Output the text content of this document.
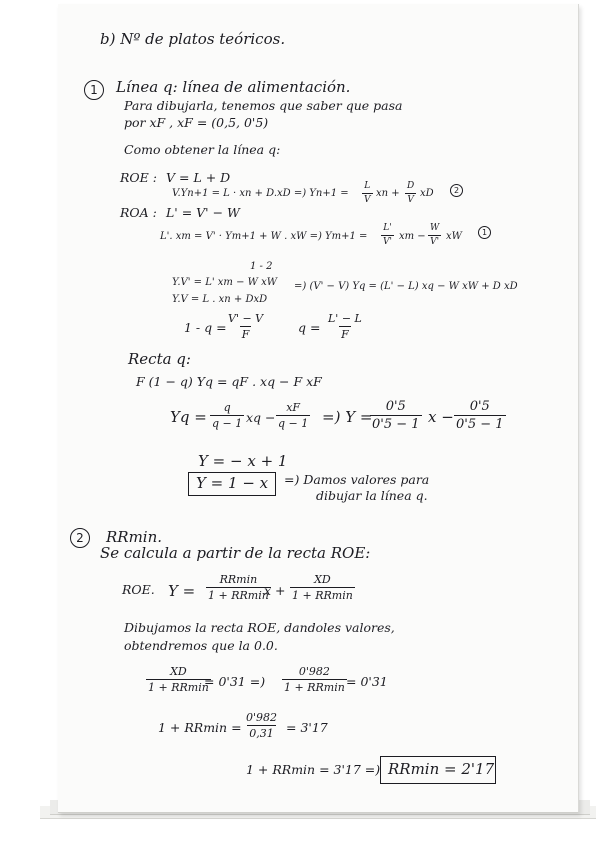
b) Nº de platos teóricos.
1	Línea q: línea de alimentación.
Para dibujarla, tenemos que saber que pasa
por xF , xF = (0,5, 0'5)
Como obtener la línea q:
ROE : V = L + D
V.Yn+1 = L · xn + D.xD =) $Yn+1 = \frac{L}{V}$ xn + $\frac{D}{V}$ xD	2
ROA : L' = V' − W
L'. xm = V' · Ym+1 + W . xW =) $Ym+1 = \frac{L'}{V'}$ xm − $\frac{W}{V'}$ xW	1
1 - 2
Y.V' = L' xm − W xW
Y.V = L . xn + DxD
=) (V' − V) Yq = (L' − L) xq − W xW + D xD
$1 - q = \frac{V' - V}{F}$	$q = \frac{L' - L}{F}$
Recta q:
F (1 − q) Yq = qF . xq − F xF
$Yq = \frac{q}{q - 1}$ xq − $\frac{xF}{q - 1}$ =) Y =
$\frac{0'5}{0'5 - 1}$ $x - \frac{0'5}{0'5 - 1}$
Y = − x + 1
Y = 1 − x =) Damos valores para
dibujar la línea q.
2	RRmin.
Se calcula a partir de la recta ROE:
ROE. Y =
RRmin
1 + RRmin
x +
XD
1 + RRmin
Dibujamos la recta ROE, dandoles valores,
obtendremos que la 0.0.
XD
1 + RRmin
= 0'31 =)
0'982
1 + RRmin = 0'31
$1 + RRmin = \frac{0'982}{0,31} = 3'17$
1 + RRmin = 3'17 =) RRmin = 2'17
